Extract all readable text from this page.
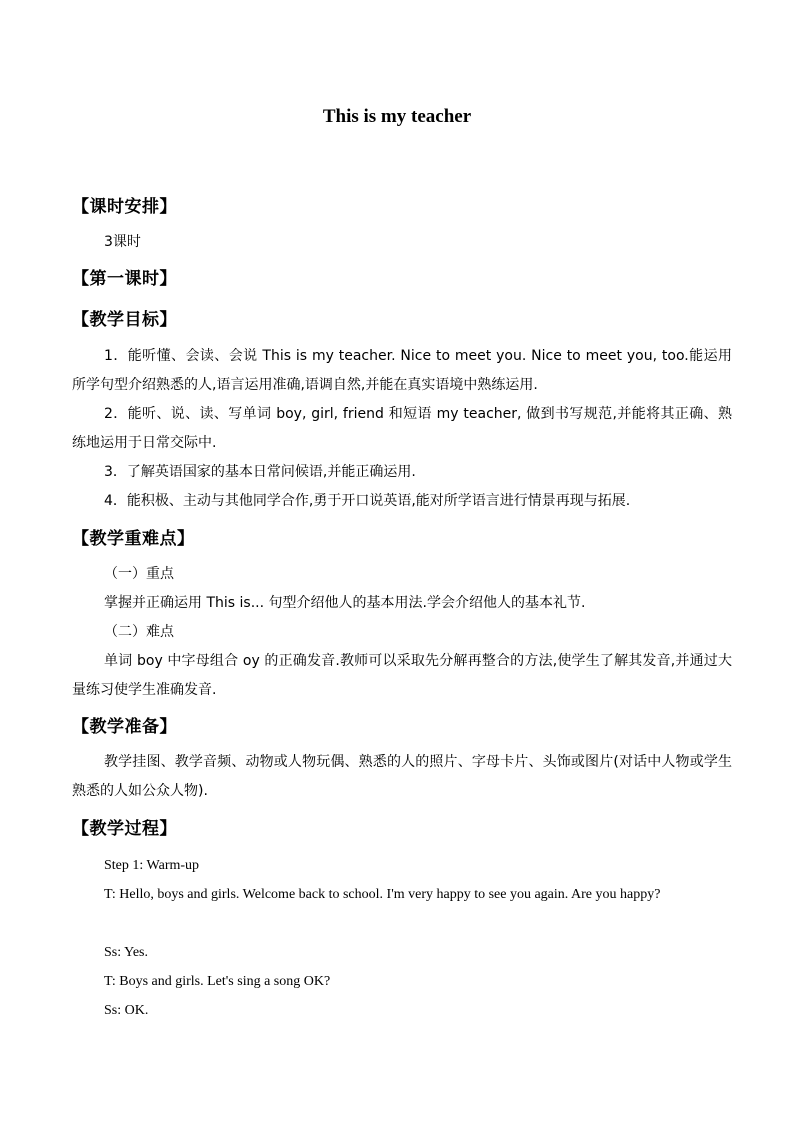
This is my teacher
【课时安排】
3课时
【第一课时】
【教学目标】
1．能听懂、会读、会说 This is my teacher. Nice to meet you. Nice to meet you, too.能运用所学句型介绍熟悉的人,语言运用准确,语调自然,并能在真实语境中熟练运用.
2．能听、说、读、写单词 boy, girl, friend 和短语 my teacher, 做到书写规范,并能将其正确、熟练地运用于日常交际中.
3．了解英语国家的基本日常问候语,并能正确运用.
4．能积极、主动与其他同学合作,勇于开口说英语,能对所学语言进行情景再现与拓展.
【教学重难点】
（一）重点
掌握并正确运用 This is... 句型介绍他人的基本用法.学会介绍他人的基本礼节.
（二）难点
单词 boy 中字母组合 oy 的正确发音.教师可以采取先分解再整合的方法,使学生了解其发音,并通过大量练习使学生准确发音.
【教学准备】
教学挂图、教学音频、动物或人物玩偶、熟悉的人的照片、字母卡片、头饰或图片(对话中人物或学生熟悉的人如公众人物).
【教学过程】
Step 1: Warm-up
T: Hello, boys and girls. Welcome back to school. I'm very happy to see you again. Are you happy?
Ss: Yes.
T: Boys and girls. Let's sing a song OK?
Ss: OK.
